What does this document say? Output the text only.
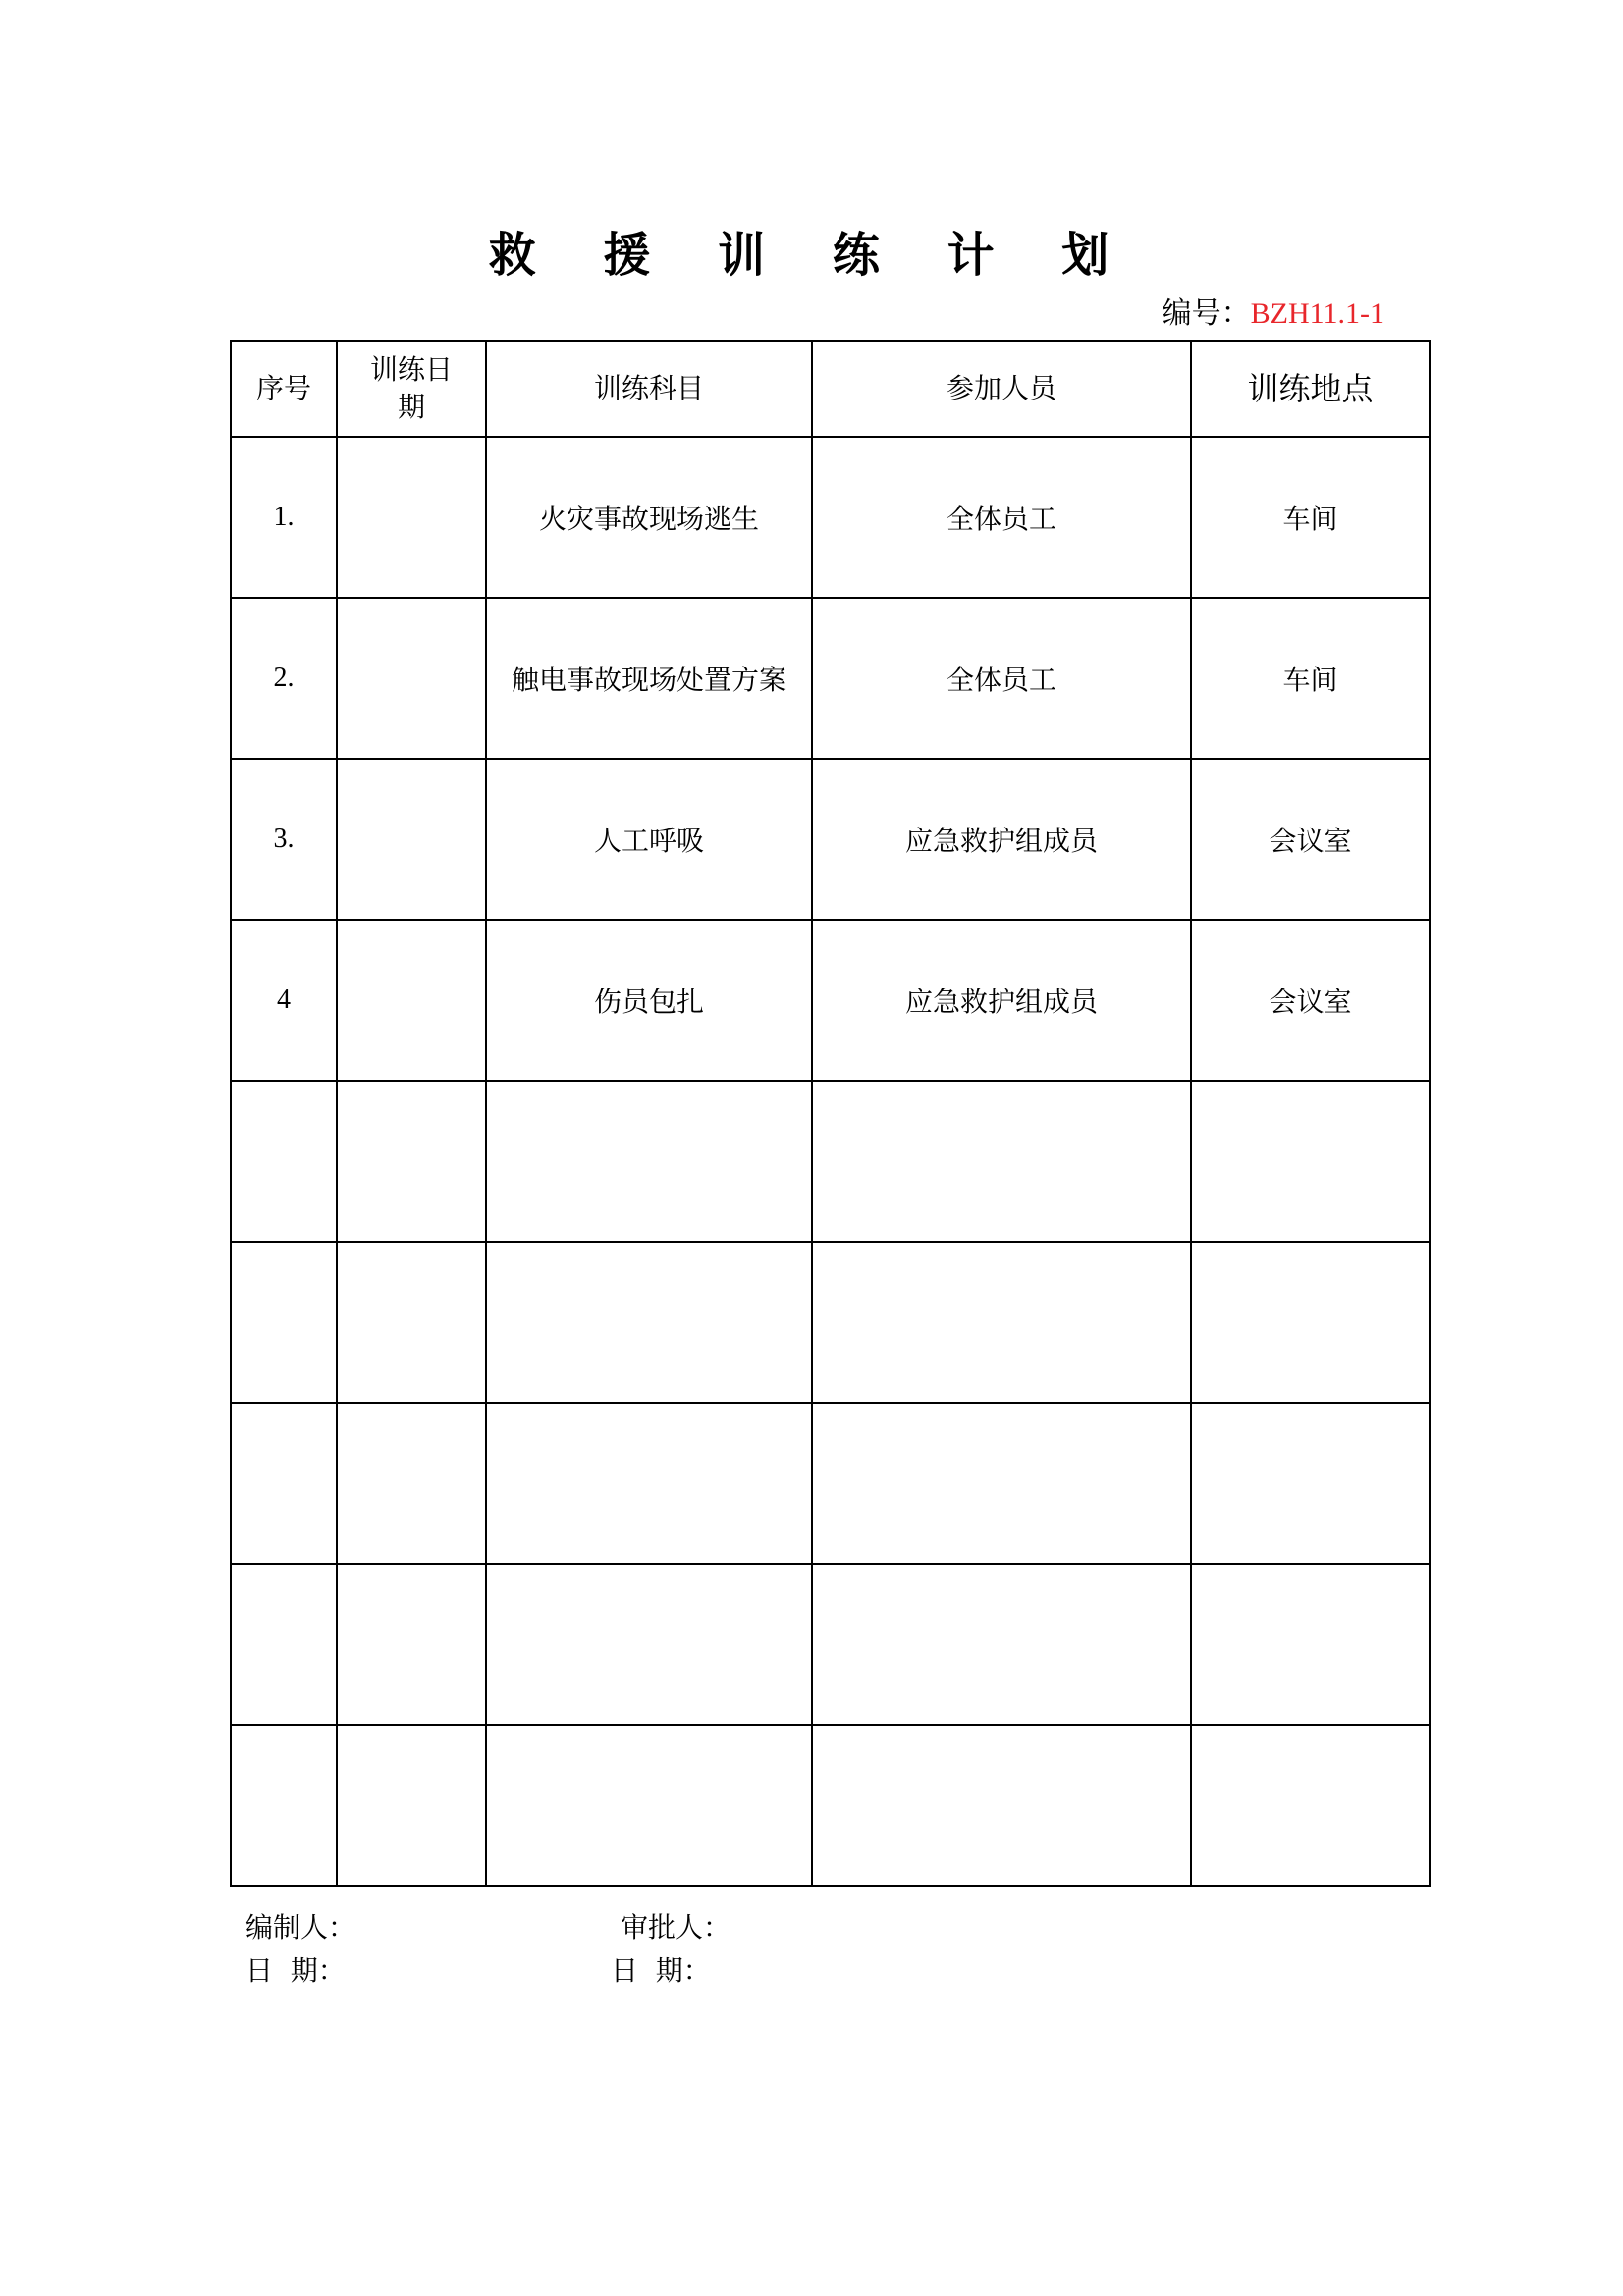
救 援 训 练 计 划
编号：BZH11.1-1
序号	训练日期	训练科目	参加人员	训练地点
1.		火灾事故现场逃生	全体员工	车间
2.		触电事故现场处置方案	全体员工	车间
3.		人工呼吸	应急救护组成员	会议室
4		伤员包扎	应急救护组成员	会议室

编制人：	审批人：
日  期：	日  期：
